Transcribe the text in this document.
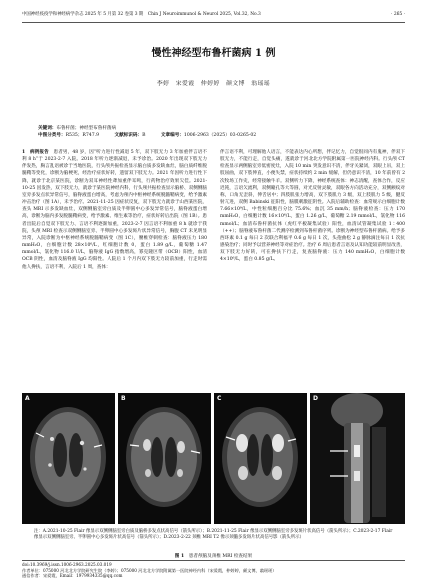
中国神经疫疫学和神经病学杂志 2025 年 5 月第 32 卷第 3 期　Chin J Neuroimmunol & Neurol 2025, Vol.32, No.3	· 265 ·
慢性神经型布鲁杆菌病 1 例
李婷　宋爱霞　仲婷婷　颜文博　翁瑶瑶
关键词：布鲁杆菌；神经型布鲁杆菌病
中图分类号：R535；R747.9	文献标识码：B	文章编号：1006-2963（2025）03-0265-02
1　病例报告　患者男，48 岁，因“听力进行性减退 5 年，双下肢无力 3 年加重伴言语不利 8 h”于 2023-2-7 入院。2018 年听力逐渐减退，未予诊治。2020 年出现双下肢无力伴发热，胸言乱语被诊于当地医院，行头颅共振检查显示脑白质多发缺血灶，脑白质纤维脱髓鞘等变化，诊断为脑梗死，经治疗症状好转，遗留双下肢无力。2021 年因听力进行性下降，就诊于北京某医院，诊断为双耳神经性聋加重伴耳鸣，行药物治疗效果欠佳。2021-10-25 因发热，双下肢无力，就诊于某医院神经内科，行头颅共振检查显示脑桥、双侧侧脑室旁多发点状异常信号，脑脊液蛋白增高，考虑为颅内中枢神经系统脱髓鞘病变，给予激素冲击治疗（图 1A），未予治疗。2021-11-25 因症状反复，双下肢无力就诊于山西某医院，查头 MRI 示多发缺血灶，双侧侧脑室旁白质及半卵圆中心多发异常信号，脑脊液蛋白增高，诊断为脑内多发脱髓鞘病变，给予激素、维生素等治疗，症状好转后出院（图 1B）。患者出院后自觉双下肢无力、言语不利逐渐加重，2023-2-7 因言语不利加重 8 h 就诊于我院，头颅 MRI 检查示双侧侧脑室旁、半卵圆中心多发斑片状异常信号，胸腹 CT 未见明显异常，入院诊断为中枢神经系统脱髓鞘病变（图 1C），腰椎穿刺检查：脑脊液压力 180 mmH₂O，白细胞计数 28×10⁶/L，红细胞计数 0，蛋白 1.89 g/L，葡萄糖 1.47 mmol/L，氯化物 116.0 U/L，脑脊液 IgG 指数增高，寡克隆区带（OCB）阳性，血清 OCB 阴性，血清及脑脊液 IgG 均阳性。人院后 1 个月内双下肢无力较前加重，行走时需他人搀扶，言语不利，入院后 1 周，查体：
伴言语不利，可理解他人语言，不能表达内心所想，伴记忆力，自觉很同内有鬼神，伴双下肢无力，不能行走，自觉头痛，遂就诊于河北北方学院附属第一医院神经内科。行头颅 CT 检查显示两侧脑室旁低密度灶，入院 10 min 突发意识不清，伴牙关紧闭，双眼上吊，双上肢屈曲，双下肢伸直，小便失禁，症状持续约 2 min 缓解，但仍意识不清，10 年前曾有 2 次牧场工作史，经常接触牛羊。双侧听力下降，神经系统查体：神志清醒，查体合作，反应迟钝，言语欠流利，双侧瞳孔等大等圆，对光反射灵敏，双眼各方向活动充分，双侧额纹对称，口角无歪斜，伸舌居中；四肢肌张力增高，双下肢肌力 3 级，双上肢肌力 5 级，腱反射亢进，双侧 Babinski 征阳性，脑膜刺激征阴性。入院后辅助检查：血常规示白细胞计数 7.66×10⁹/L，中性粒细胞百分比 75.6%；血沉 35 mm/h；脑脊液检查：压力 170 mmH₂O，白细胞计数 16×10⁶/L，蛋白 1.26 g/L，葡萄糖 2.19 mmol/L，氯化物 116 mmol/L；血清布鲁杆菌抗体（虎红平板凝集试验）阳性，血清试管凝集试验 1∶400（++）；脑脊液布鲁杆菌二代测序检测到布鲁杆菌序列。诊断为神经型布鲁杆菌病。给予多西环素 0.1 g 每日 2 次联合利福平 0.6 g 每日 1 次，头孢曲松 2 g 静脉滴注每日 1 次抗感染治疗；同时予以营养神经等对症治疗。治疗 6 周后患者言语及认知功能较前明显改善，双下肢无力好转，可在搀扶下行走，复查脑脊液：压力 140 mmH₂O，白细胞计数 4×10⁶/L，蛋白 0.85 g/L。
A	B	C	D
注：A.2021-10-25 Flair 像显示双侧侧脑室旁白质及脑桥多发点状高信号（箭头所示）；B.2021-11-25 Flair 像显示双侧侧脑室旁多发斑片状高信号（箭头所示）；C.2023-2-17 Flair 像显示双侧侧脑室旁、半卵圆中心多发斑片状高信号（箭头所示）；D.2023-2-22 颈椎 MRI T2 像示颈髓多发斑片状高信号影（箭头所示）
图 1　 患者颅脑及颈椎 MRI 检查结果
doi:10.3969/j.issn.1006-2963.2025.03.019
作者单位：075000 河北北方学院研究生院（李婷）；075000 河北北方学院附属第一医院神经内科（宋爱霞，仲婷婷，颜文博，翁瑶瑶）
通信作者：宋爱霞，Email：1979934335@qq.com
